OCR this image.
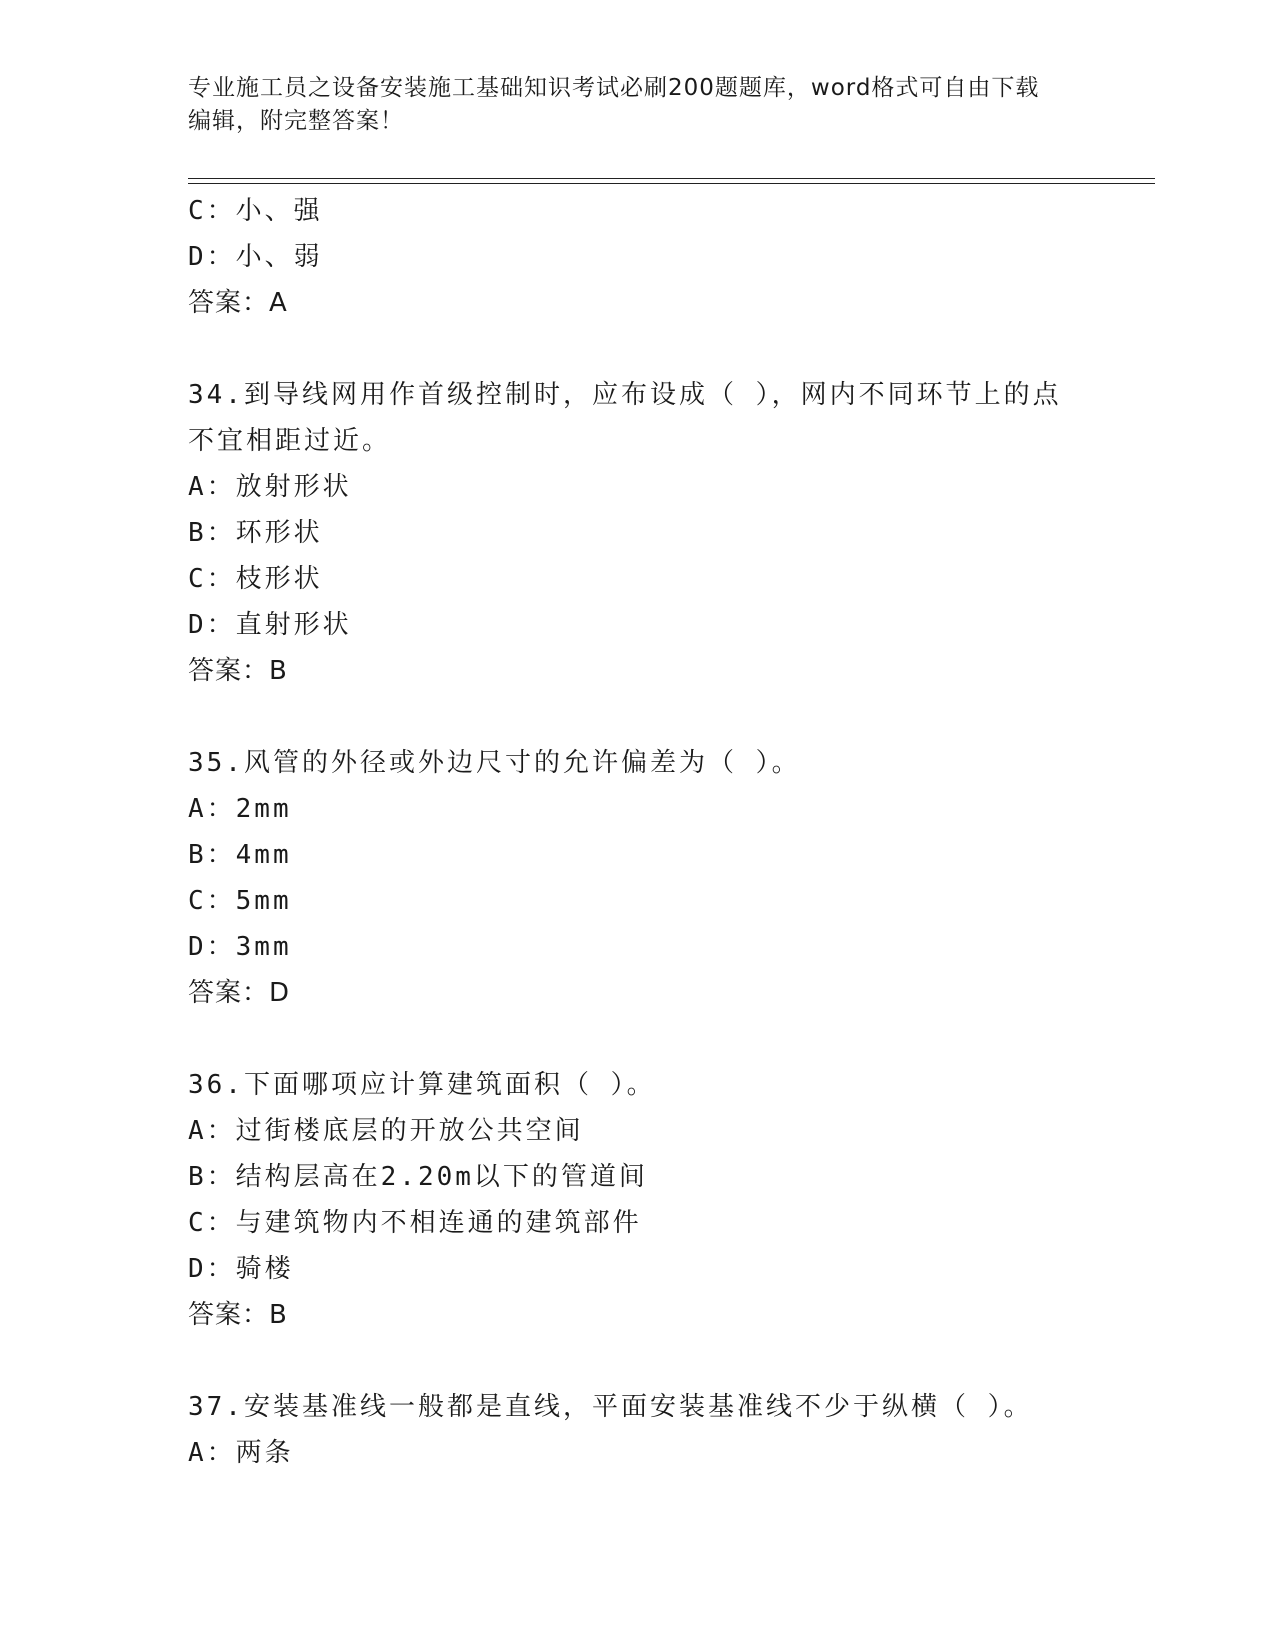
专业施工员之设备安装施工基础知识考试必刷200题题库，word格式可自由下载
编辑，附完整答案！
C：小、强
D：小、弱
答案：A
34.到导线网用作首级控制时，应布设成（ ），网内不同环节上的点
不宜相距过近。
A：放射形状
B：环形状
C：枝形状
D：直射形状
答案：B
35.风管的外径或外边尺寸的允许偏差为（ ）。
A：2mm
B：4mm
C：5mm
D：3mm
答案：D
36.下面哪项应计算建筑面积（ ）。
A：过街楼底层的开放公共空间
B：结构层高在2.20m以下的管道间
C：与建筑物内不相连通的建筑部件
D：骑楼
答案：B
37.安装基准线一般都是直线，平面安装基准线不少于纵横（ ）。
A：两条
